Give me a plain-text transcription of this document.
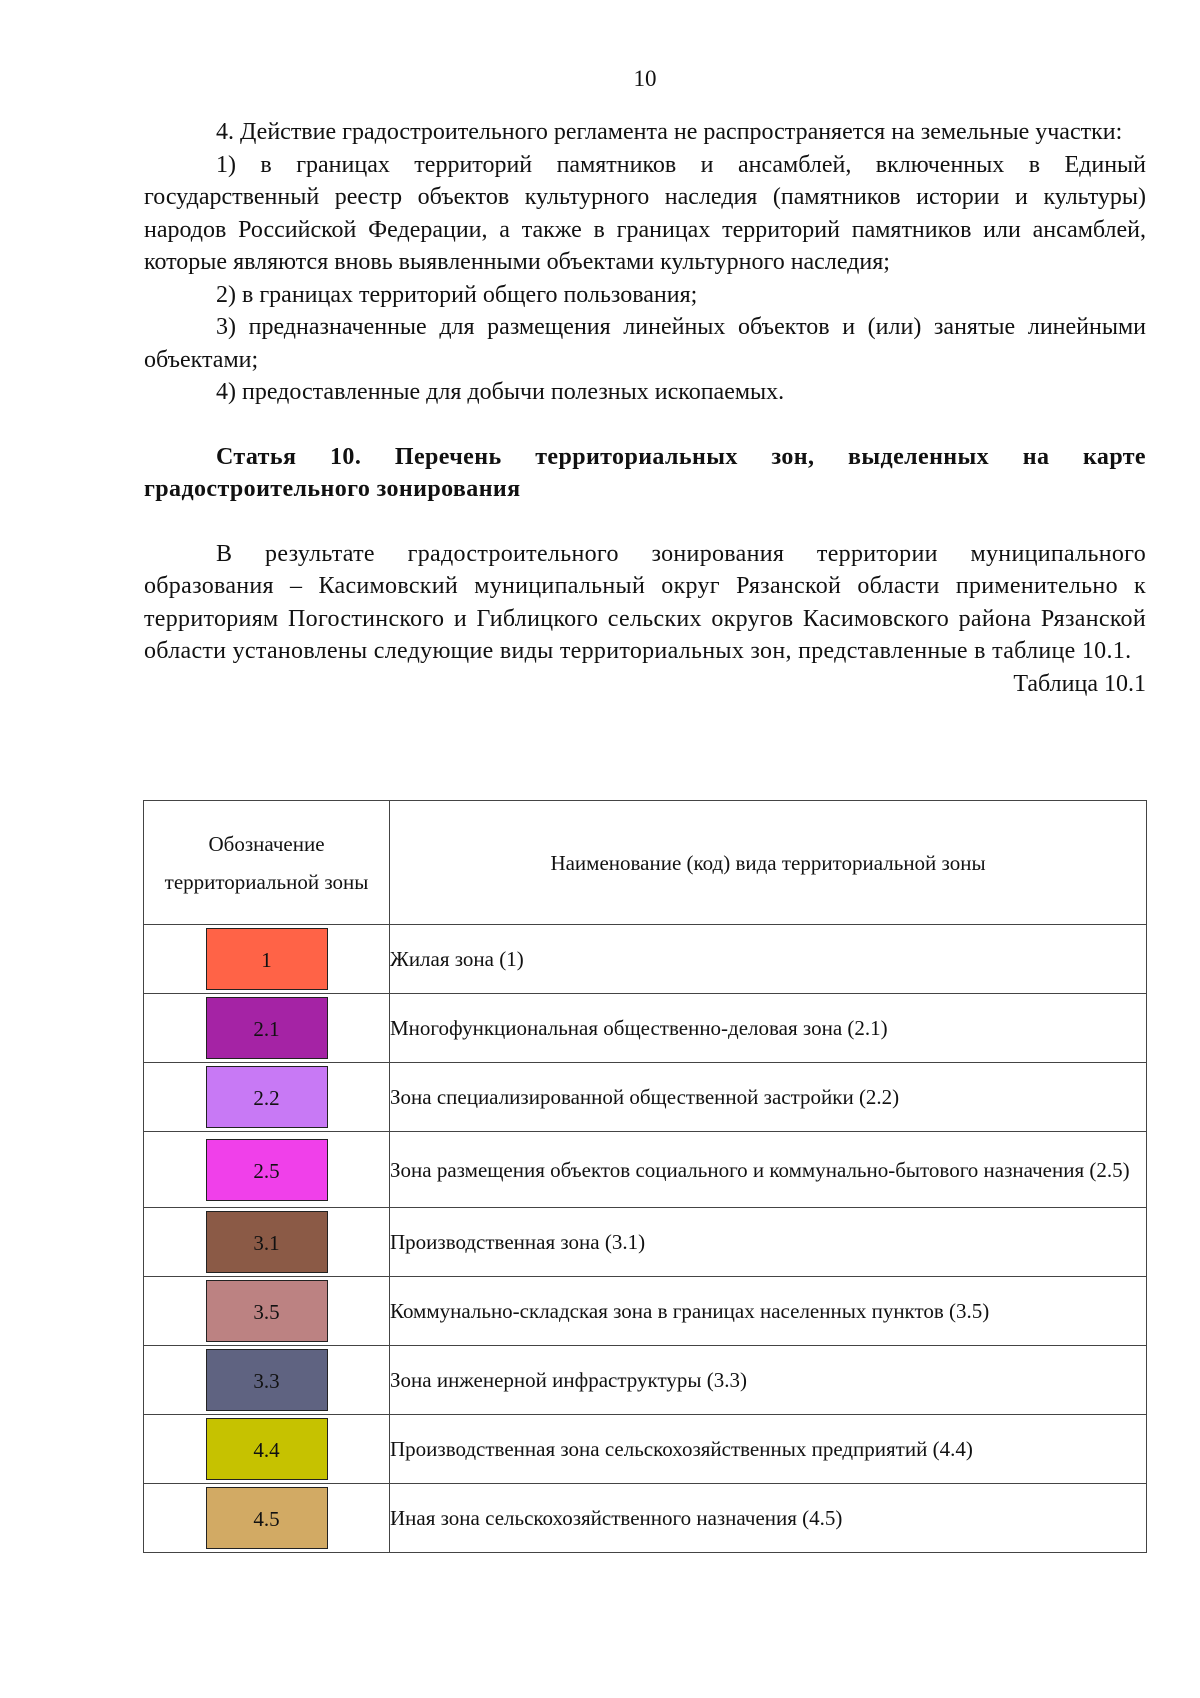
10

4. Действие градостроительного регламента не распространяется на земельные участки:

1) в границах территорий памятников и ансамблей, включенных в Единый государственный реестр объектов культурного наследия (памятников истории и культуры) народов Российской Федерации, а также в границах территорий памятников или ансамблей, которые являются вновь выявленными объектами культурного наследия;

2) в границах территорий общего пользования;

3) предназначенные для размещения линейных объектов и (или) занятые линейными объектами;

4) предоставленные для добычи полезных ископаемых.

Статья 10. Перечень территориальных зон, выделенных на карте градостроительного зонирования

В результате градостроительного зонирования территории муниципального образования – Касимовский муниципальный округ Рязанской области применительно к территориям Погостинского и Гиблицкого сельских округов Касимовского района Рязанской области установлены следующие виды территориальных зон, представленные в таблице 10.1.

Таблица 10.1

Обозначение территориальной зоны	Наименование (код) вида территориальной зоны
1	Жилая зона (1)
2.1	Многофункциональная общественно-деловая зона (2.1)
2.2	Зона специализированной общественной застройки (2.2)
2.5	Зона размещения объектов социального и коммунально-бытового назначения (2.5)
3.1	Производственная зона (3.1)
3.5	Коммунально-складская зона в границах населенных пунктов (3.5)
3.3	Зона инженерной инфраструктуры (3.3)
4.4	Производственная зона сельскохозяйственных предприятий (4.4)
4.5	Иная зона сельскохозяйственного назначения (4.5)
